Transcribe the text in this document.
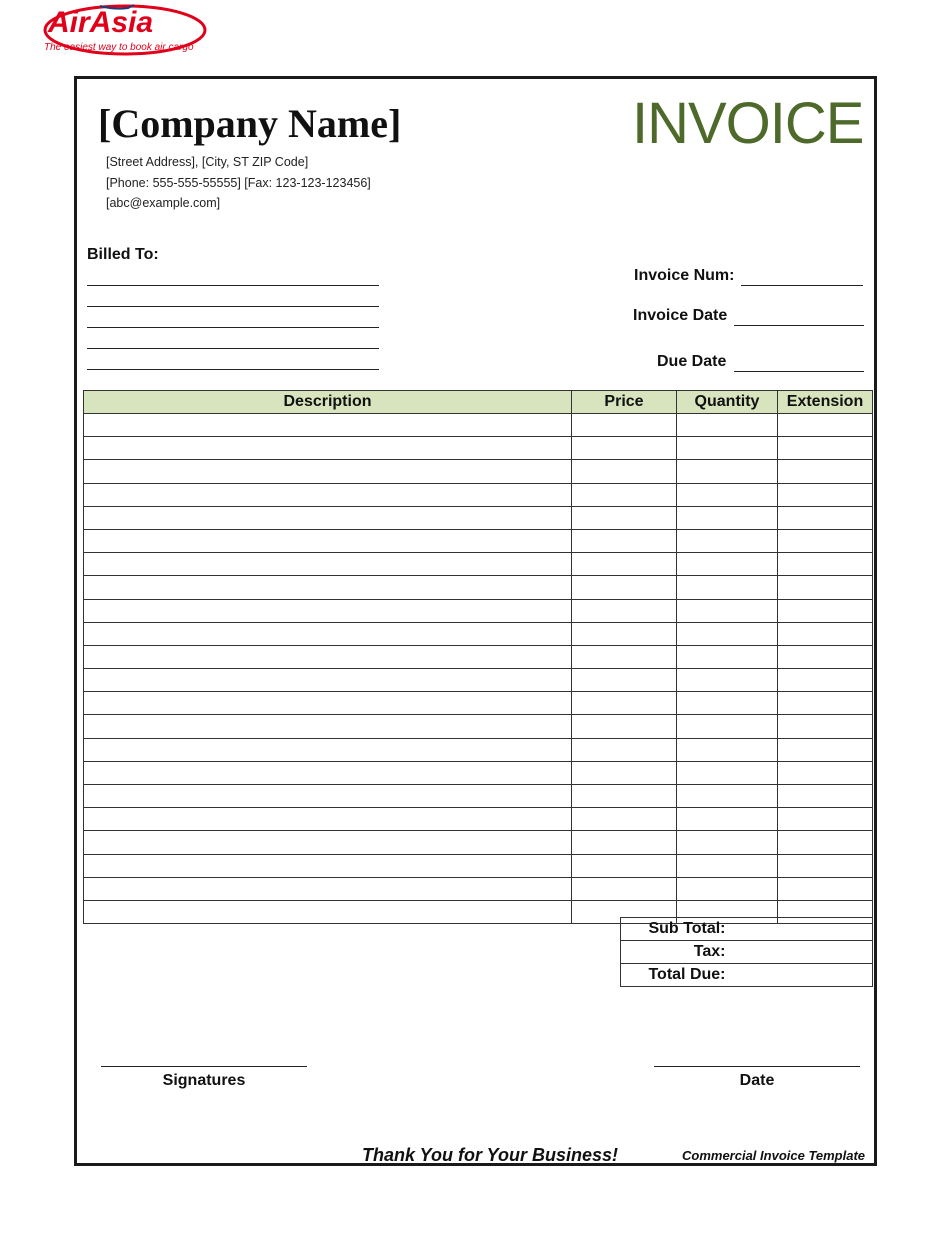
AirAsia
The easiest way to book air cargo
[Company Name]
[Street Address], [City, ST ZIP Code]
[Phone: 555-555-55555] [Fax: 123-123-123456]
[abc@example.com]
INVOICE
Billed To:
Invoice Num:
Invoice Date
Due Date
Description	Price	Quantity	Extension

Sub Total:	
Tax:	
Total Due:	
Signatures	Date
Thank You for Your Business!	Commercial Invoice Template
